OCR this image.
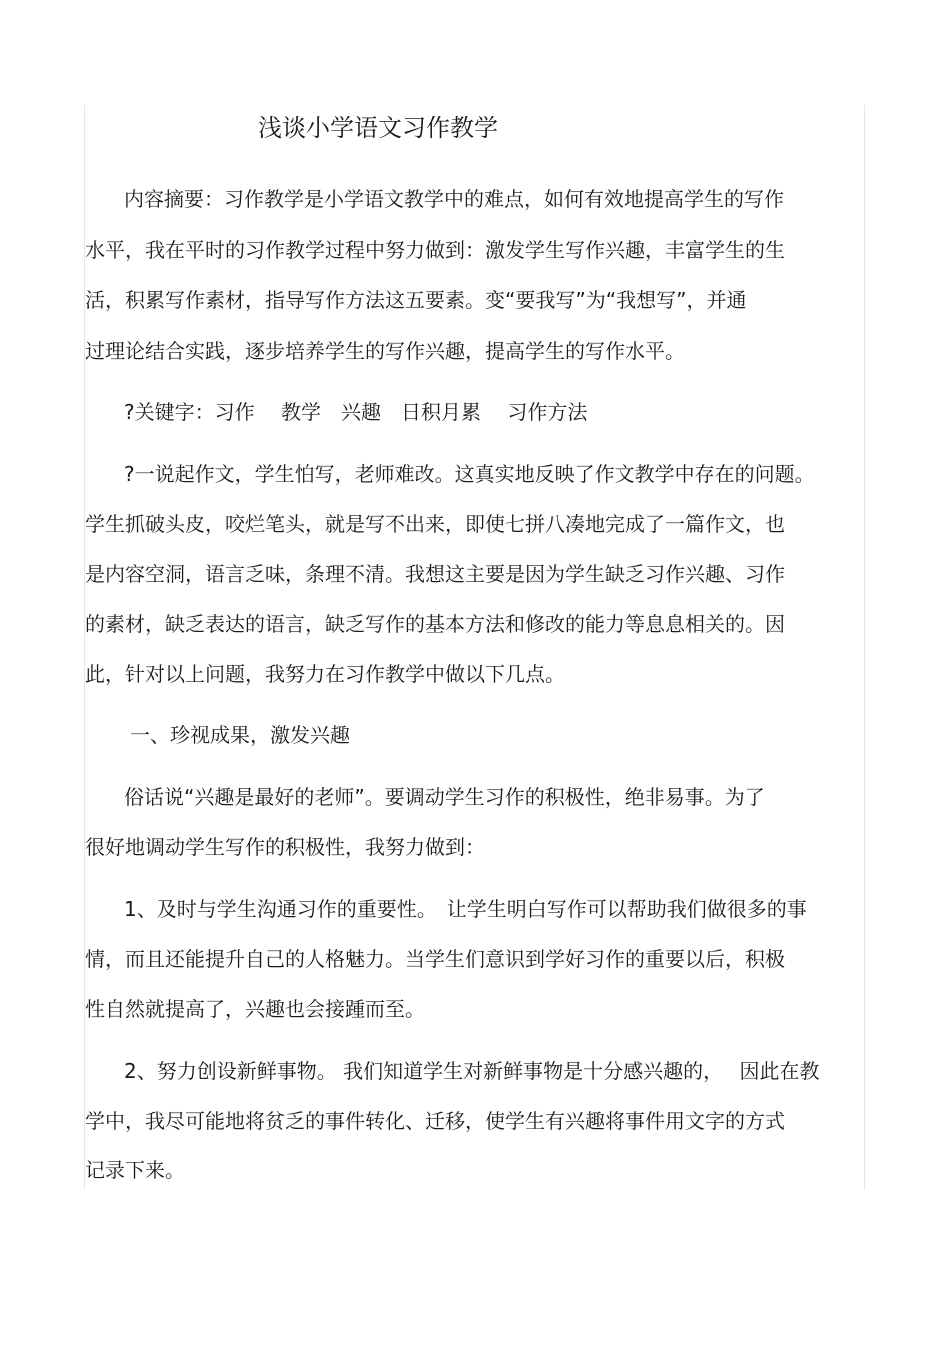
浅谈小学语文习作教学

内容摘要：习作教学是小学语文教学中的难点，如何有效地提高学生的写作

水平，我在平时的习作教学过程中努力做到：激发学生写作兴趣，丰富学生的生

活，积累写作素材，指导写作方法这五要素。变“要我写”为“我想写”，并通

过理论结合实践，逐步培养学生的写作兴趣，提高学生的写作水平。

?关键字：习作　 教学　兴趣　日积月累　 习作方法

?一说起作文，学生怕写，老师难改。这真实地反映了作文教学中存在的问题。

学生抓破头皮，咬烂笔头，就是写不出来，即使七拼八凑地完成了一篇作文，也

是内容空洞，语言乏味，条理不清。我想这主要是因为学生缺乏习作兴趣、习作

的素材，缺乏表达的语言，缺乏写作的基本方法和修改的能力等息息相关的。因

此，针对以上问题，我努力在习作教学中做以下几点。

一、珍视成果，激发兴趣

俗话说“兴趣是最好的老师”。要调动学生习作的积极性，绝非易事。为了

很好地调动学生写作的积极性，我努力做到：

1、及时与学生沟通习作的重要性。　让学生明白写作可以帮助我们做很多的事

情，而且还能提升自己的人格魅力。当学生们意识到学好习作的重要以后，积极

性自然就提高了，兴趣也会接踵而至。

2、努力创设新鲜事物。 我们知道学生对新鲜事物是十分感兴趣的，　 因此在教

学中，我尽可能地将贫乏的事件转化、迁移，使学生有兴趣将事件用文字的方式

记录下来。
